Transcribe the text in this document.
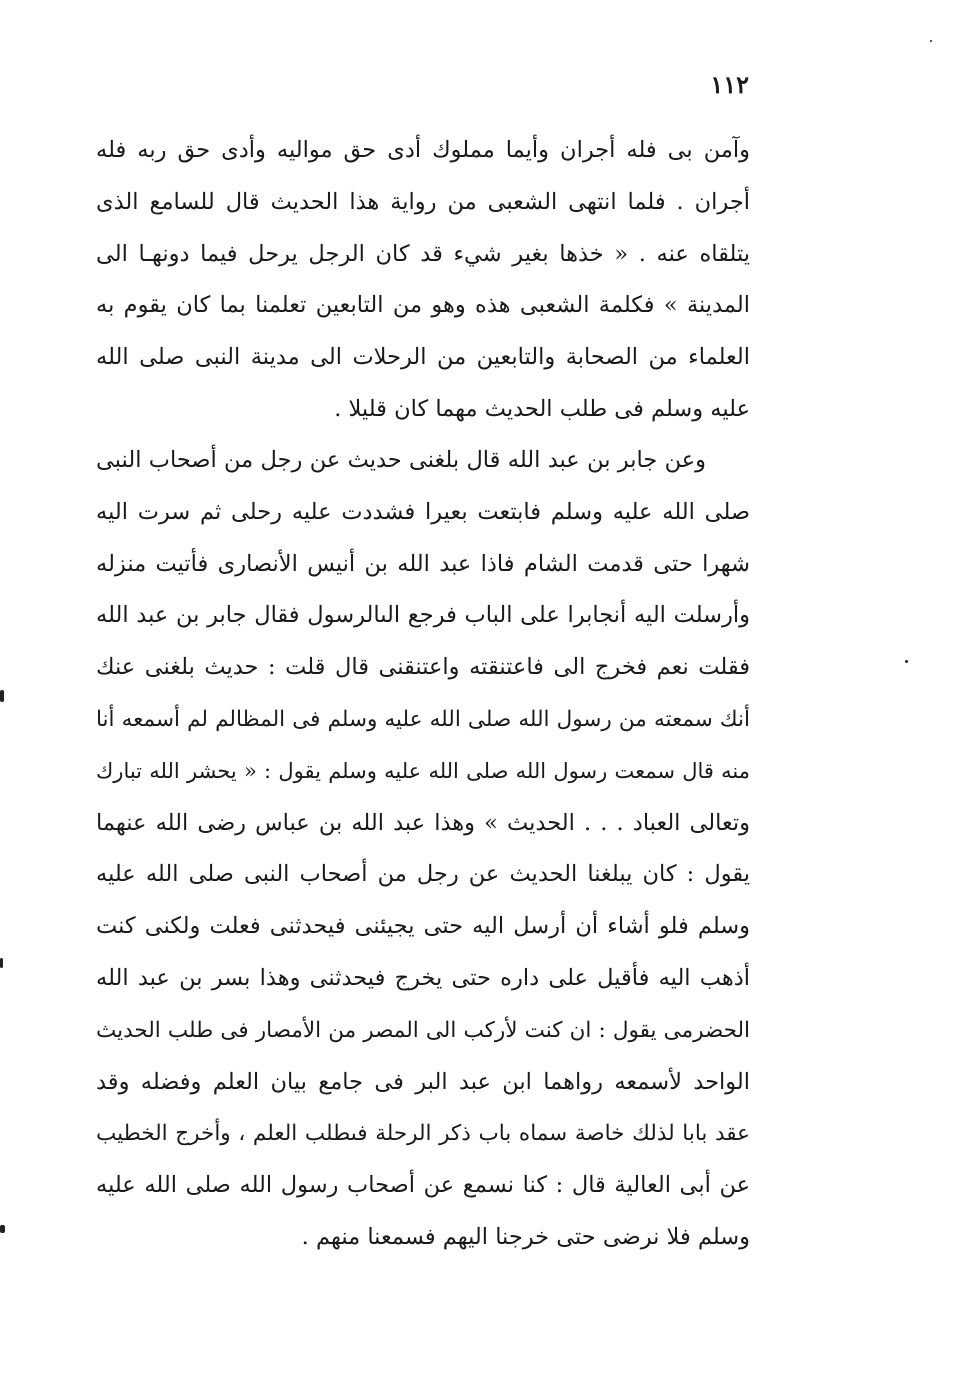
١١٢
وآمن بى فله أجران وأيما مملوك أدى حق مواليه وأدى حق ربه فله
أجران . فلما انتهى الشعبى من رواية هذا الحديث قال للسامع الذى
يتلقاه عنه . « خذها بغير شيء قد كان الرجل يرحل فيما دونهـا الى
المدينة » فكلمة الشعبى هذه وهو من التابعين تعلمنا بما كان يقوم به
العلماء من الصحابة والتابعين من الرحلات الى مدينة النبى صلى الله
عليه وسلم فى طلب الحديث مهما كان قليلا .
وعن جابر بن عبد الله قال بلغنى حديث عن رجل من أصحاب النبى
صلى الله عليه وسلم فابتعت بعيرا فشددت عليه رحلى ثم سرت اليه
شهرا حتى قدمت الشام فاذا عبد الله بن أنيس الأنصارى فأتيت منزله
وأرسلت اليه أنجابرا على الباب فرجع الىالرسول فقال جابر بن عبد الله
فقلت نعم فخرج الى فاعتنقته واعتنقنى قال قلت : حديث بلغنى عنك
أنك سمعته من رسول الله صلى الله عليه وسلم فى المظالم لم أسمعه أنا
منه قال سمعت رسول الله صلى الله عليه وسلم يقول : « يحشر الله تبارك
وتعالى العباد . . . الحديث » وهذا عبد الله بن عباس رضى الله عنهما
يقول : كان يبلغنا الحديث عن رجل من أصحاب النبى صلى الله عليه
وسلم فلو أشاء أن أرسل اليه حتى يجيئنى فيحدثنى فعلت ولكنى كنت
أذهب اليه فأقيل على داره حتى يخرج فيحدثنى وهذا بسر بن عبد الله
الحضرمى يقول : ان كنت لأركب الى المصر من الأمصار فى طلب الحديث
الواحد لأسمعه رواهما ابن عبد البر فى جامع بيان العلم وفضله وقد
عقد بابا لذلك خاصة سماه باب ذكر الرحلة فىطلب العلم ، وأخرج الخطيب
عن أبى العالية قال : كنا نسمع عن أصحاب رسول الله صلى الله عليه
وسلم فلا نرضى حتى خرجنا اليهم فسمعنا منهم .
